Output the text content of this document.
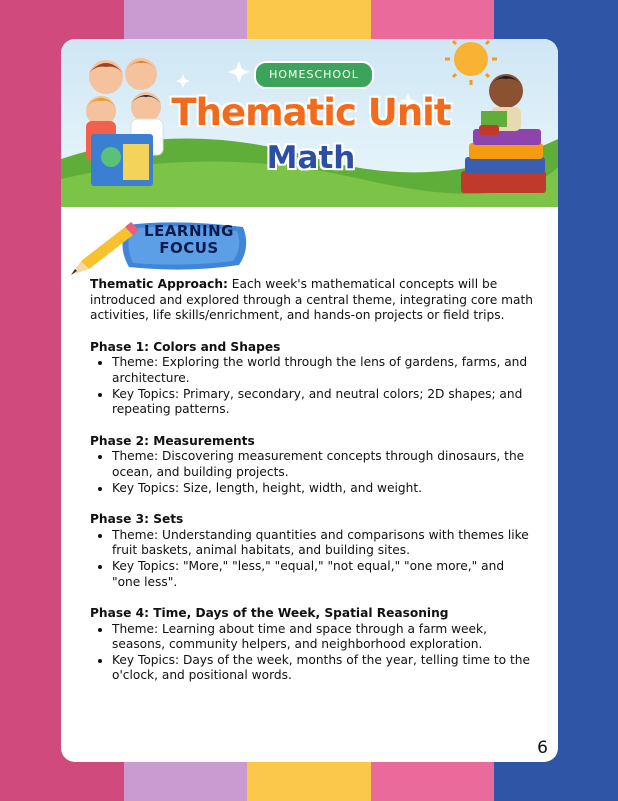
HOMESCHOOL
Thematic Unit
Math
LEARNING FOCUS

Thematic Approach: Each week's mathematical concepts will be introduced and explored through a central theme, integrating core math activities, life skills/enrichment, and hands-on projects or field trips.

Phase 1: Colors and Shapes
• Theme: Exploring the world through the lens of gardens, farms, and architecture.
• Key Topics: Primary, secondary, and neutral colors; 2D shapes; and repeating patterns.
Phase 2: Measurements
• Theme: Discovering measurement concepts through dinosaurs, the ocean, and building projects.
• Key Topics: Size, length, height, width, and weight.
Phase 3: Sets
• Theme: Understanding quantities and comparisons with themes like fruit baskets, animal habitats, and building sites.
• Key Topics: "More," "less," "equal," "not equal," "one more," and "one less".
Phase 4: Time, Days of the Week, Spatial Reasoning
• Theme: Learning about time and space through a farm week, seasons, community helpers, and neighborhood exploration.
• Key Topics: Days of the week, months of the year, telling time to the o'clock, and positional words.
6
